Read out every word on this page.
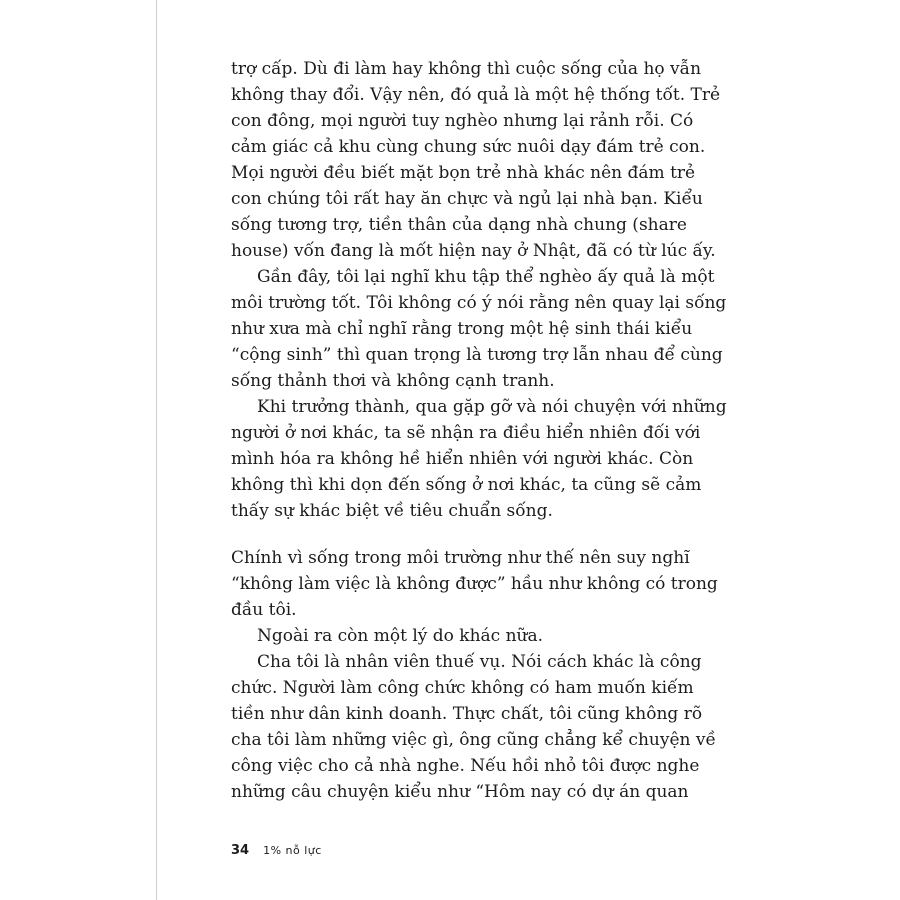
trợ cấp. Dù đi làm hay không thì cuộc sống của họ vẫn
không thay đổi. Vậy nên, đó quả là một hệ thống tốt. Trẻ
con đông, mọi người tuy nghèo nhưng lại rảnh rỗi. Có
cảm giác cả khu cùng chung sức nuôi dạy đám trẻ con.
Mọi người đều biết mặt bọn trẻ nhà khác nên đám trẻ
con chúng tôi rất hay ăn chực và ngủ lại nhà bạn. Kiểu
sống tương trợ, tiền thân của dạng nhà chung (share
house) vốn đang là mốt hiện nay ở Nhật, đã có từ lúc ấy.
Gần đây, tôi lại nghĩ khu tập thể nghèo ấy quả là một
môi trường tốt. Tôi không có ý nói rằng nên quay lại sống
như xưa mà chỉ nghĩ rằng trong một hệ sinh thái kiểu
“cộng sinh” thì quan trọng là tương trợ lẫn nhau để cùng
sống thảnh thơi và không cạnh tranh.
Khi trưởng thành, qua gặp gỡ và nói chuyện với những
người ở nơi khác, ta sẽ nhận ra điều hiển nhiên đối với
mình hóa ra không hề hiển nhiên với người khác. Còn
không thì khi dọn đến sống ở nơi khác, ta cũng sẽ cảm
thấy sự khác biệt về tiêu chuẩn sống.
Chính vì sống trong môi trường như thế nên suy nghĩ
“không làm việc là không được” hầu như không có trong
đầu tôi.
Ngoài ra còn một lý do khác nữa.
Cha tôi là nhân viên thuế vụ. Nói cách khác là công
chức. Người làm công chức không có ham muốn kiếm
tiền như dân kinh doanh. Thực chất, tôi cũng không rõ
cha tôi làm những việc gì, ông cũng chẳng kể chuyện về
công việc cho cả nhà nghe. Nếu hồi nhỏ tôi được nghe
những câu chuyện kiểu như “Hôm nay có dự án quan
34 1% nỗ lực
